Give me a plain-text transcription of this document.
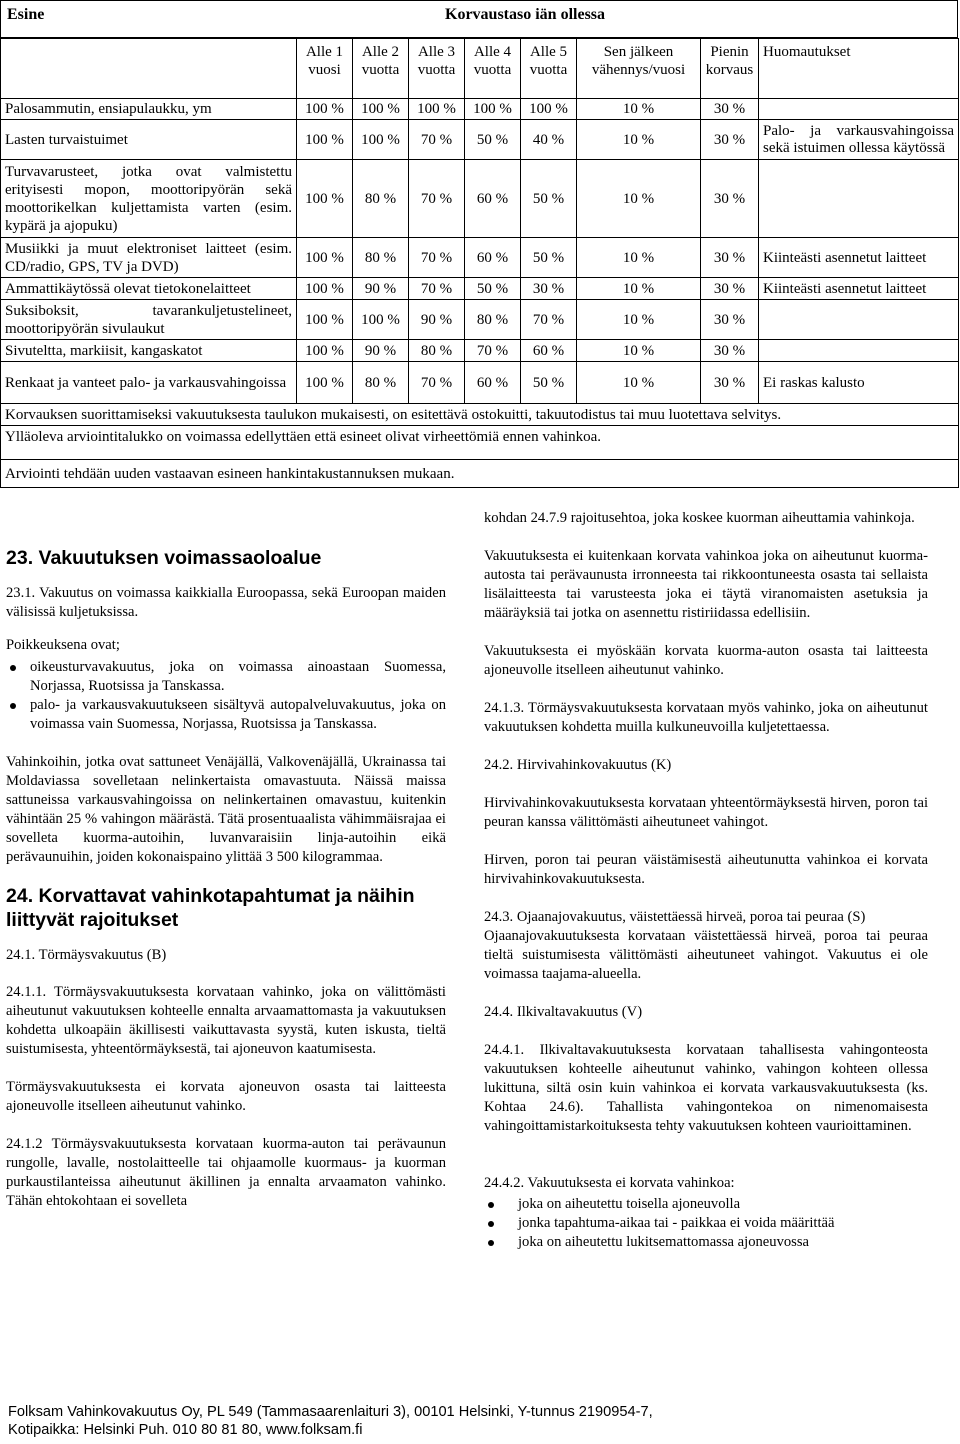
Esine	Korvaustaso iän ollessa
	Alle 1 vuosi	Alle 2 vuotta	Alle 3 vuotta	Alle 4 vuotta	Alle 5 vuotta	Sen jälkeen vähennys/vuosi	Pienin korvaus	Huomautukset
Palosammutin, ensiapulaukku, ym	100 %	100 %	100 %	100 %	100 %	10 %	30 %	
Lasten turvaistuimet	100 %	100 %	70 %	50 %	40 %	10 %	30 %	Palo- ja varkausvahingoissa sekä istuimen ollessa käytössä
Turvavarusteet, jotka ovat valmistettu erityisesti mopon, moottoripyörän sekä moottorikelkan kuljettamista varten (esim. kypärä ja ajopuku)	100 %	80 %	70 %	60 %	50 %	10 %	30 %	
Musiikki ja muut elektroniset laitteet (esim. CD/radio, GPS, TV ja DVD)	100 %	80 %	70 %	60 %	50 %	10 %	30 %	Kiinteästi asennetut laitteet
Ammattikäytössä olevat tietokonelaitteet	100 %	90 %	70 %	50 %	30 %	10 %	30 %	Kiinteästi asennetut laitteet
Suksiboksit, tavarankuljetustelineet, moottoripyörän sivulaukut	100 %	100 %	90 %	80 %	70 %	10 %	30 %	
Sivuteltta, markiisit, kangaskatot	100 %	90 %	80 %	70 %	60 %	10 %	30 %	
Renkaat ja vanteet palo- ja varkausvahingoissa	100 %	80 %	70 %	60 %	50 %	10 %	30 %	Ei raskas kalusto
Korvauksen suorittamiseksi vakuutuksesta taulukon mukaisesti, on esitettävä ostokuitti, takuutodistus tai muu luotettava selvitys.								
Ylläoleva arviointitalukko on voimassa edellyttäen että esineet olivat virheettömiä ennen vahinkoa.								
Arviointi tehdään uuden vastaavan esineen hankintakustannuksen mukaan.								

23. Vakuutuksen voimassaoloalue

23.1. Vakuutus on voimassa kaikkialla Euroopassa, sekä Euroopan maiden välisissä kuljetuksissa.

Poikkeuksena ovat;

oikeusturvavakuutus, joka on voimassa ainoastaan Suomessa, Norjassa, Ruotsissa ja Tanskassa.
palo- ja varkausvakuutukseen sisältyvä autopalveluvakuutus, joka on voimassa vain Suomessa, Norjassa, Ruotsissa ja Tanskassa.

Vahinkoihin, jotka ovat sattuneet Venäjällä, Valkovenäjällä, Ukrainassa tai Moldaviassa sovelletaan nelinkertaista omavastuuta. Näissä maissa sattuneissa varkausvahingoissa on nelinkertainen omavastuu, kuitenkin vähintään 25 % vahingon määrästä. Tätä prosentuaalista vähimmäisrajaa ei sovelleta kuorma-autoihin, luvanvaraisiin linja-autoihin eikä perävaunuihin, joiden kokonaispaino ylittää 3 500 kilogrammaa.

24. Korvattavat vahinkotapahtumat ja näihin liittyvät rajoitukset

24.1. Törmäysvakuutus (B)

24.1.1. Törmäysvakuutuksesta korvataan vahinko, joka on välittömästi aiheutunut vakuutuksen kohteelle ennalta arvaamattomasta ja vakuutuksen kohdetta ulkoapäin äkillisesti vaikuttavasta syystä, kuten iskusta, tieltä suistumisesta, yhteentörmäyksestä, tai ajoneuvon kaatumisesta.

Törmäysvakuutuksesta ei korvata ajoneuvon osasta tai laitteesta ajoneuvolle itselleen aiheutunut vahinko.

24.1.2 Törmäysvakuutuksesta korvataan kuorma-auton tai perävaunun rungolle, lavalle, nostolaitteelle tai ohjaamolle kuormaus- ja kuorman purkaustilanteissa aiheutunut äkillinen ja ennalta arvaamaton vahinko. Tähän ehtokohtaan ei sovelleta

kohdan 24.7.9 rajoitusehtoa, joka koskee kuorman aiheuttamia vahinkoja.

Vakuutuksesta ei kuitenkaan korvata vahinkoa joka on aiheutunut kuorma-autosta tai perävaunusta irronneesta tai rikkoontuneesta osasta tai sellaista lisälaitteesta tai varusteesta joka ei täytä viranomaisten asetuksia ja määräyksiä tai jotka on asennettu ristiriidassa edellisiin.

Vakuutuksesta ei myöskään korvata kuorma-auton osasta tai laitteesta ajoneuvolle itselleen aiheutunut vahinko.

24.1.3. Törmäysvakuutuksesta korvataan myös vahinko, joka on aiheutunut vakuutuksen kohdetta muilla kulkuneuvoilla kuljetettaessa.

24.2. Hirvivahinkovakuutus (K)

Hirvivahinkovakuutuksesta korvataan yhteentörmäyksestä hirven, poron tai peuran kanssa välittömästi aiheutuneet vahingot.

Hirven, poron tai peuran väistämisestä aiheutunutta vahinkoa ei korvata hirvivahinkovakuutuksesta.

24.3. Ojaanajovakuutus, väistettäessä hirveä, poroa tai peuraa (S)

Ojaanajovakuutuksesta korvataan väistettäessä hirveä, poroa tai peuraa tieltä suistumisesta välittömästi aiheutuneet vahingot. Vakuutus ei ole voimassa taajama-alueella.

24.4. Ilkivaltavakuutus (V)

24.4.1. Ilkivaltavakuutuksesta korvataan tahallisesta vahingonteosta vakuutuksen kohteelle aiheutunut vahinko, vahingon kohteen ollessa lukittuna, siltä osin kuin vahinkoa ei korvata varkausvakuutuksesta (ks. Kohtaa 24.6). Tahallista vahingontekoa on nimenomaisesta vahingoittamistarkoituksesta tehty vakuutuksen kohteen vaurioittaminen.

24.4.2. Vakuutuksesta ei korvata vahinkoa:

joka on aiheutettu toisella ajoneuvolla
jonka tapahtuma-aikaa tai - paikkaa ei voida määrittää
joka on aiheutettu lukitsemattomassa ajoneuvossa
Folksam Vahinkovakuutus Oy, PL 549 (Tammasaarenlaituri 3), 00101 Helsinki, Y-tunnus 2190954-7,
Kotipaikka: Helsinki Puh. 010 80 81 80, www.folksam.fi
